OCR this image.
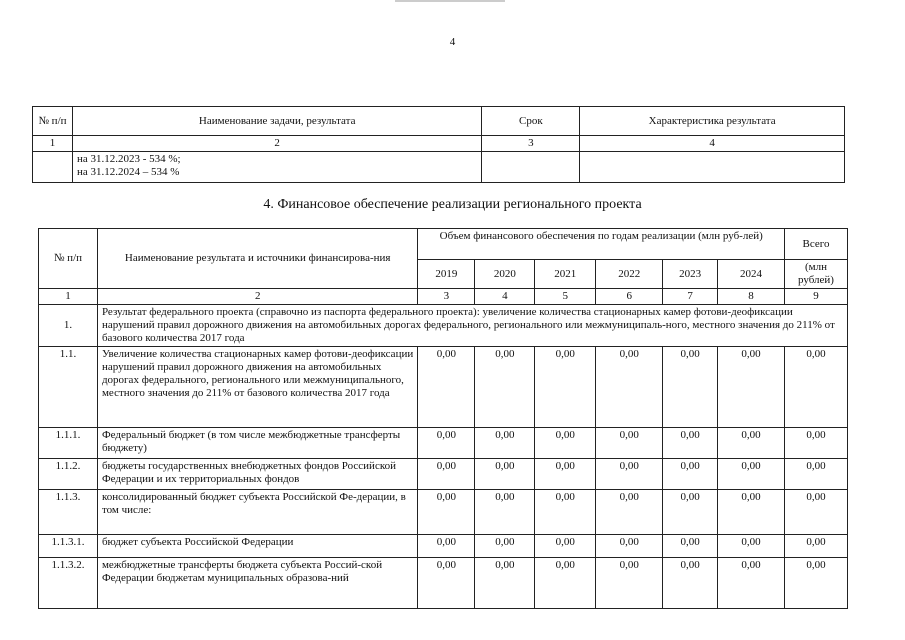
4
№ п/п	Наименование задачи, результата	Срок	Характеристика результата
1	2	3	4

	на 31.12.2023 - 534 %;
на 31.12.2024 – 534 %		

4. Финансовое обеспечение реализации регионального проекта
№ п/п	Наименование результата и источники финансирова-ния	Объем финансового обеспечения по годам реализации (млн руб-лей)						Всего
		2019	2020	2021	2022	2023	2024	(млн рублей)
1	2	3	4	5	6	7	8	9
1.	Результат федерального проекта (справочно из паспорта федерального проекта): увеличение количества стационарных камер фотови-деофиксации нарушений правил дорожного движения на автомобильных дорогах федерального, регионального или межмуниципаль-ного, местного значения до 211% от базового количества 2017 года							
1.1.	Увеличение количества стационарных камер фотови-деофиксации нарушений правил дорожного движения на автомобильных дорогах федерального, регионального или межмуниципального, местного значения до 211% от базового количества 2017 года	0,00	0,00	0,00	0,00	0,00	0,00	0,00
1.1.1.	Федеральный бюджет (в том числе межбюджетные трансферты бюджету)	0,00	0,00	0,00	0,00	0,00	0,00	0,00
1.1.2.	бюджеты государственных внебюджетных фондов Российской Федерации и их территориальных фондов	0,00	0,00	0,00	0,00	0,00	0,00	0,00
1.1.3.	консолидированный бюджет субъекта Российской Фе-дерации, в том числе:	0,00	0,00	0,00	0,00	0,00	0,00	0,00
1.1.3.1.	бюджет субъекта Российской Федерации	0,00	0,00	0,00	0,00	0,00	0,00	0,00
1.1.3.2.	межбюджетные трансферты бюджета субъекта Россий-ской Федерации бюджетам муниципальных образова-ний	0,00	0,00	0,00	0,00	0,00	0,00	0,00
